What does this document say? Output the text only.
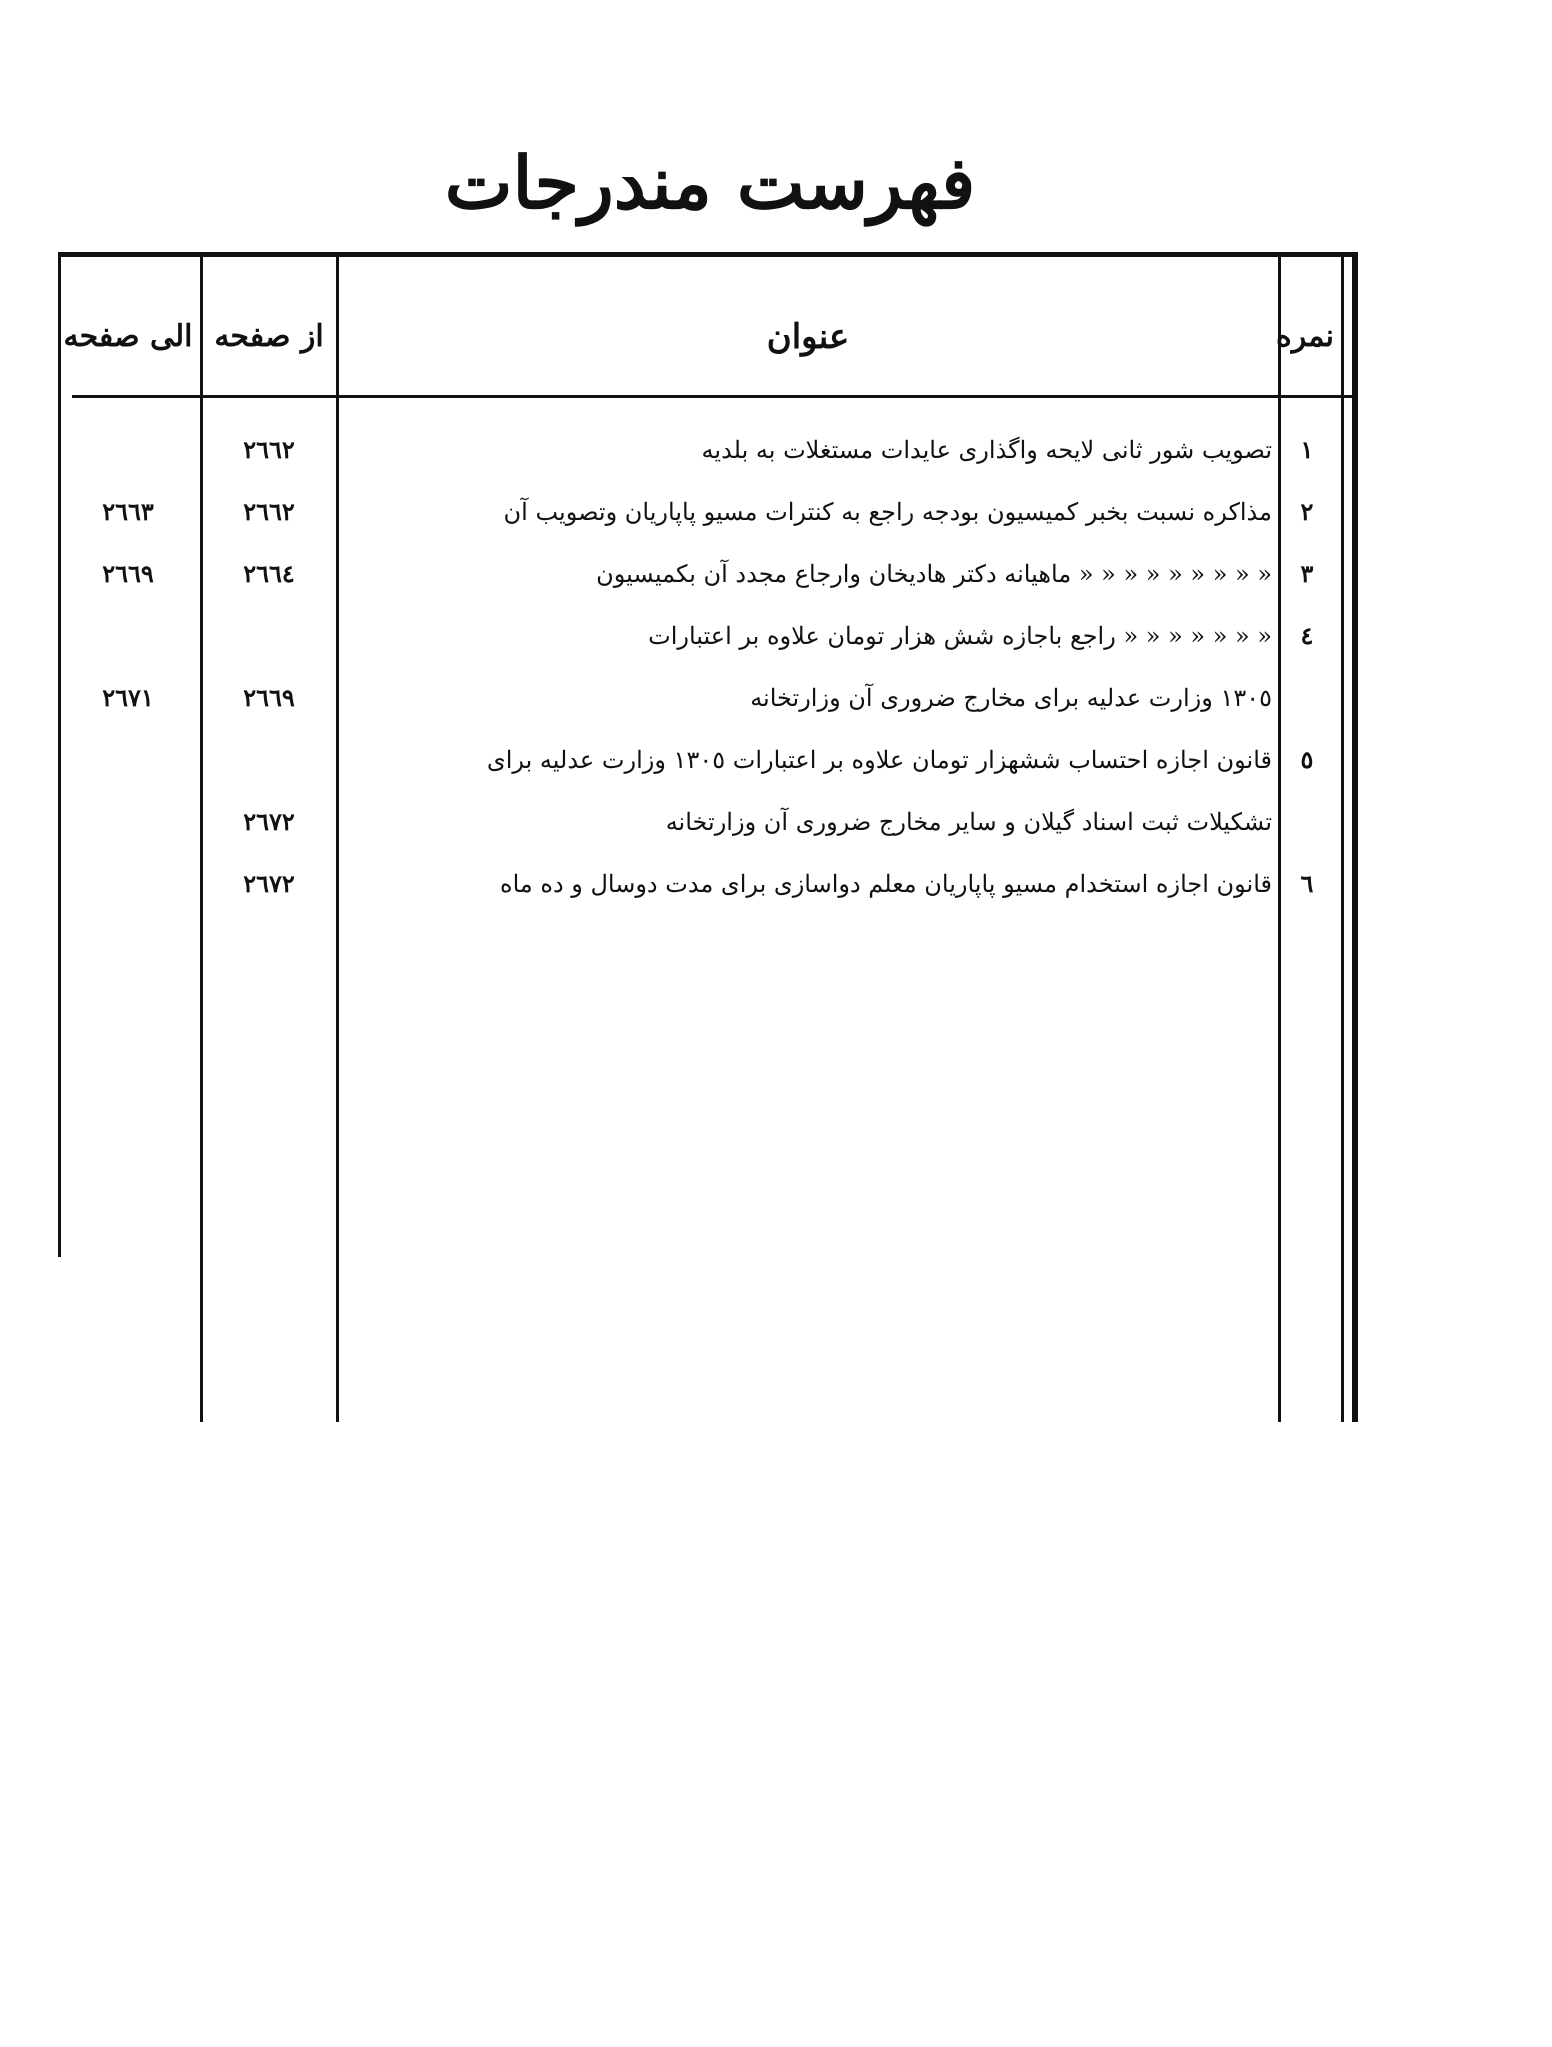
فهرست مندرجات
نمره
عنوان
از صفحه
الی صفحه
١
تصويب شور ثانی لايحه واگذاری عايدات مستغلات به بلديه
٢٦٦٢
٢
مذاكره نسبت بخبر كميسيون بودجه راجع به كنترات مسيو پاپاريان وتصويب آن
٢٦٦٢
٢٦٦٣
٣
« « « « « « « « « ماهيانه دكتر هادیخان وارجاع مجدد آن بكميسيون
٢٦٦٤
٢٦٦٩
٤
« « « « « « « راجع باجازه شش هزار تومان علاوه بر اعتبارات
١٣٠٥ وزارت عدليه براى مخارج ضرورى آن وزارتخانه
٢٦٦٩
٢٦٧١
٥
قانون اجازه احتساب ششهزار تومان علاوه بر اعتبارات ١٣٠٥ وزارت عدليه براى
تشكيلات ثبت اسناد گيلان و ساير مخارج ضرورى آن وزارتخانه
٢٦٧٢
٦
قانون اجازه استخدام مسيو پاپاريان معلم دواسازى براى مدت دوسال و ده ماه
٢٦٧٢
